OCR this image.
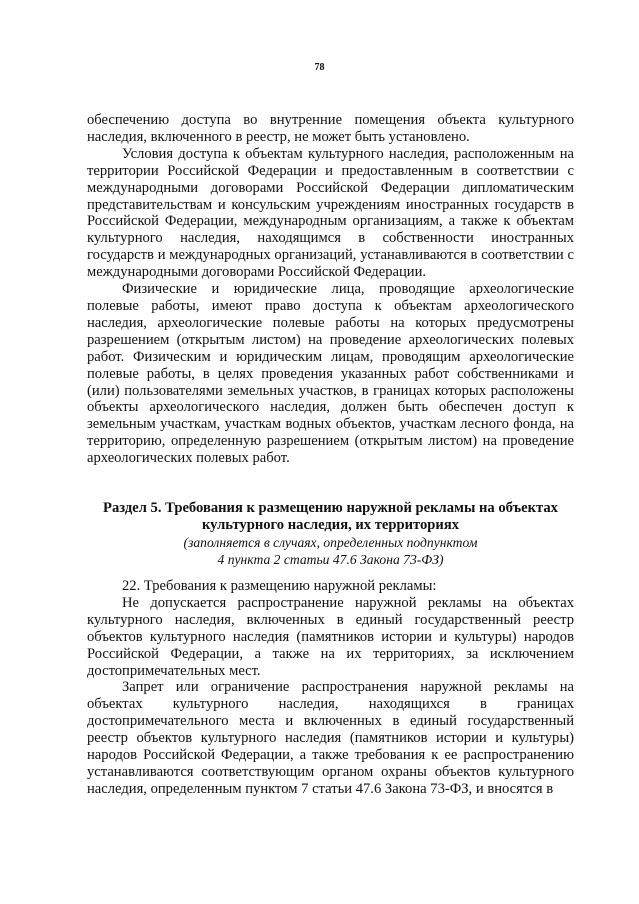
78

обеспечению доступа во внутренние помещения объекта культурного наследия, включенного в реестр, не может быть установлено.

Условия доступа к объектам культурного наследия, расположенным на территории Российской Федерации и предоставленным в соответствии с международными договорами Российской Федерации дипломатическим представительствам и консульским учреждениям иностранных государств в Российской Федерации, международным организациям, а также к объектам культурного наследия, находящимся в собственности иностранных государств и международных организаций, устанавливаются в соответствии с международными договорами Российской Федерации.

Физические и юридические лица, проводящие археологические полевые работы, имеют право доступа к объектам археологического наследия, археологические полевые работы на которых предусмотрены разрешением (открытым листом) на проведение археологических полевых работ. Физическим и юридическим лицам, проводящим археологические полевые работы, в целях проведения указанных работ собственниками и (или) пользователями земельных участков, в границах которых расположены объекты археологического наследия, должен быть обеспечен доступ к земельным участкам, участкам водных объектов, участкам лесного фонда, на территорию, определенную разрешением (открытым листом) на проведение археологических полевых работ.

Раздел 5. Требования к размещению наружной рекламы на объектах
культурного наследия, их территориях
(заполняется в случаях, определенных подпунктом
4 пункта 2 статьи 47.6 Закона 73-ФЗ)

22. Требования к размещению наружной рекламы:

Не допускается распространение наружной рекламы на объектах культурного наследия, включенных в единый государственный реестр объектов культурного наследия (памятников истории и культуры) народов Российской Федерации, а также на их территориях, за исключением достопримечательных мест.

Запрет или ограничение распространения наружной рекламы на объектах культурного наследия, находящихся в границах достопримечательного места и включенных в единый государственный реестр объектов культурного наследия (памятников истории и культуры) народов Российской Федерации, а также требования к ее распространению устанавливаются соответствующим органом охраны объектов культурного наследия, определенным пунктом 7 статьи 47.6 Закона 73-ФЗ, и вносятся в
